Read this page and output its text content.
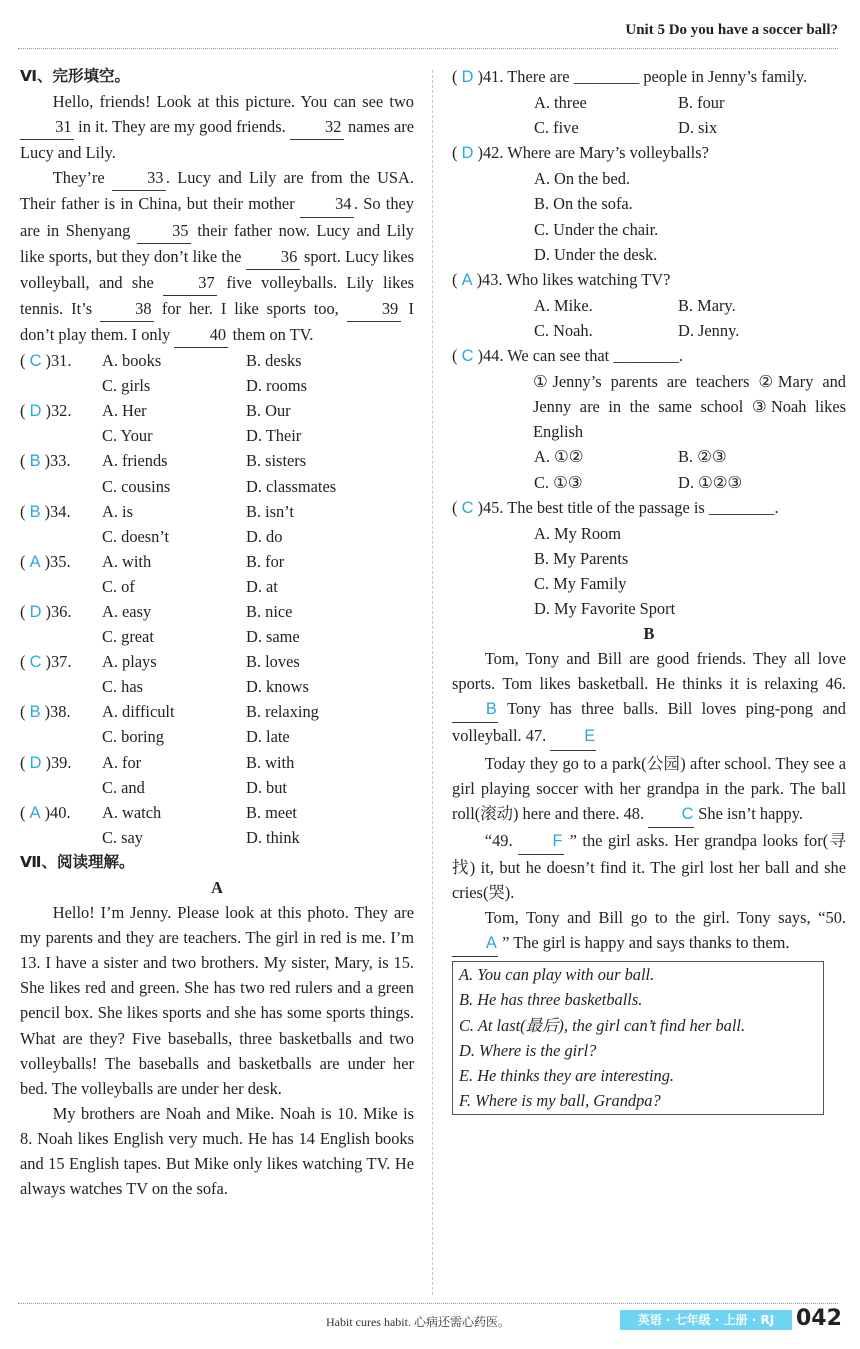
Unit 5 Do you have a soccer ball?
Ⅵ、完形填空。

Hello, friends! Look at this picture. You can see two 31 in it. They are my good friends. 32 names are Lucy and Lily.

They’re 33 . Lucy and Lily are from the USA. Their father is in China, but their mother 34 . So they are in Shenyang 35 their father now. Lucy and Lily like sports, but they don’t like the 36 sport. Lucy likes volleyball, and she 37 five volleyballs. Lily likes tennis. It’s 38 for her. I like sports too, 39 I don’t play them. I only 40 them on TV.

( C )31. A. books	B. desks
C. girls	D. rooms
( D )32. A. Her	B. Our
C. Your	D. Their
( B )33. A. friends	B. sisters
C. cousins	D. classmates
( B )34. A. is	B. isn’t
C. doesn’t	D. do
( A )35. A. with	B. for
C. of	D. at
( D )36. A. easy	B. nice
C. great	D. same
( C )37. A. plays	B. loves
C. has	D. knows
( B )38. A. difficult	B. relaxing
C. boring	D. late
( D )39. A. for	B. with
C. and	D. but
( A )40. A. watch	B. meet
C. say	D. think
Ⅶ、阅读理解。
A

Hello! I’m Jenny. Please look at this photo. They are my parents and they are teachers. The girl in red is me. I’m 13. I have a sister and two brothers. My sister, Mary, is 15. She likes red and green. She has two red rulers and a green pencil box. She likes sports and she has some sports things. What are they? Five baseballs, three basketballs and two volleyballs! The baseballs and basketballs are under her bed. The volleyballs are under her desk.

My brothers are Noah and Mike. Noah is 10. Mike is 8. Noah likes English very much. He has 14 English books and 15 English tapes. But Mike only likes watching TV. He always watches TV on the sofa.

( D )41. There are ________ people in Jenny’s family.
A. three	B. four
C. five	D. six
( D )42. Where are Mary’s volleyballs?
A. On the bed.
B. On the sofa.
C. Under the chair.
D. Under the desk.
( A )43. Who likes watching TV?
A. Mike.	B. Mary.
C. Noah.	D. Jenny.
( C )44. We can see that ________.
①Jenny’s parents are teachers ②Mary and Jenny are in the same school ③Noah likes English
A. ①②	B. ②③
C. ①③	D. ①②③
( C )45. The best title of the passage is ________.
A. My Room
B. My Parents
C. My Family
D. My Favorite Sport
B

Tom, Tony and Bill are good friends. They all love sports. Tom likes basketball. He thinks it is relaxing 46. B Tony has three balls. Bill loves ping-pong and volleyball. 47. E

Today they go to a park(公园) after school. They see a girl playing soccer with her grandpa in the park. The ball roll(滚动) here and there. 48. C She isn’t happy.

“49. F ” the girl asks. Her grandpa looks for(寻找) it, but he doesn’t find it. The girl lost her ball and she cries(哭).

Tom, Tony and Bill go to the girl. Tony says, “50. A ” The girl is happy and says thanks to them.

A. You can play with our ball.
B. He has three basketballs.
C. At last(最后), the girl can’t find her ball.
D. Where is the girl?
E. He thinks they are interesting.
F. Where is my ball, Grandpa?
Habit cures habit. 心病还需心药医。	英语 · 七年级 · 上册 · RJ 042
